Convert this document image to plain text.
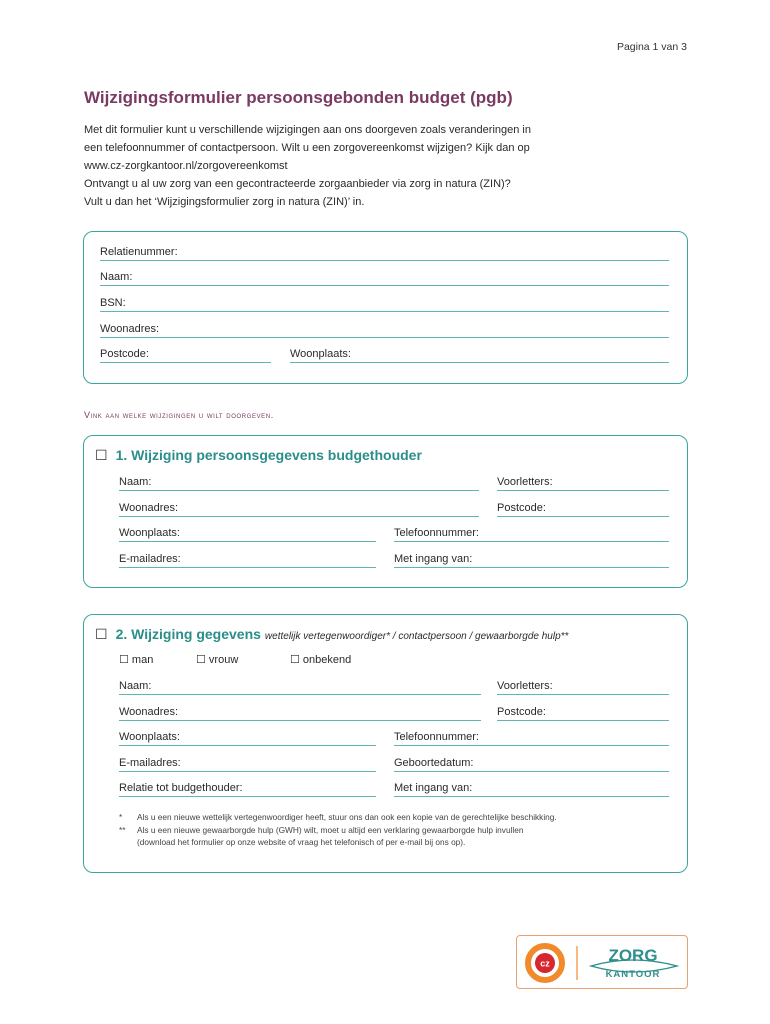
Pagina 1 van 3
Wijzigingsformulier persoonsgebonden budget (pgb)
Met dit formulier kunt u verschillende wijzigingen aan ons doorgeven zoals veranderingen in
een telefoonnummer of contactpersoon. Wilt u een zorgovereenkomst wijzigen? Kijk dan op
www.cz-zorgkantoor.nl/zorgovereenkomst
Ontvangt u al uw zorg van een gecontracteerde zorgaanbieder via zorg in natura (ZIN)?
Vult u dan het ‘Wijzigingsformulier zorg in natura (ZIN)’ in.
Relatienummer:
Naam:
BSN:
Woonadres:
Postcode:	Woonplaats:
Vink aan welke wijzigingen u wilt doorgeven.
☐ 1. Wijziging persoonsgegevens budgethouder
Naam:	Voorletters:
Woonadres:	Postcode:
Woonplaats:	Telefoonnummer:
E-mailadres:	Met ingang van:
☐ 2. Wijziging gegevens wettelijk vertegenwoordiger* / contactpersoon / gewaarborgde hulp**
☐ man	☐ vrouw	☐ onbekend
Naam:	Voorletters:
Woonadres:	Postcode:
Woonplaats:	Telefoonnummer:
E-mailadres:	Geboortedatum:
Relatie tot budgethouder:	Met ingang van:
*	Als u een nieuwe wettelijk vertegenwoordiger heeft, stuur ons dan ook een kopie van de gerechtelijke beschikking.
**	Als u een nieuwe gewaarborgde hulp (GWH) wilt, moet u altijd een verklaring gewaarborgde hulp invullen
(download het formulier op onze website of vraag het telefonisch of per e-mail bij ons op).
cz	ZORG
KANTOOR
